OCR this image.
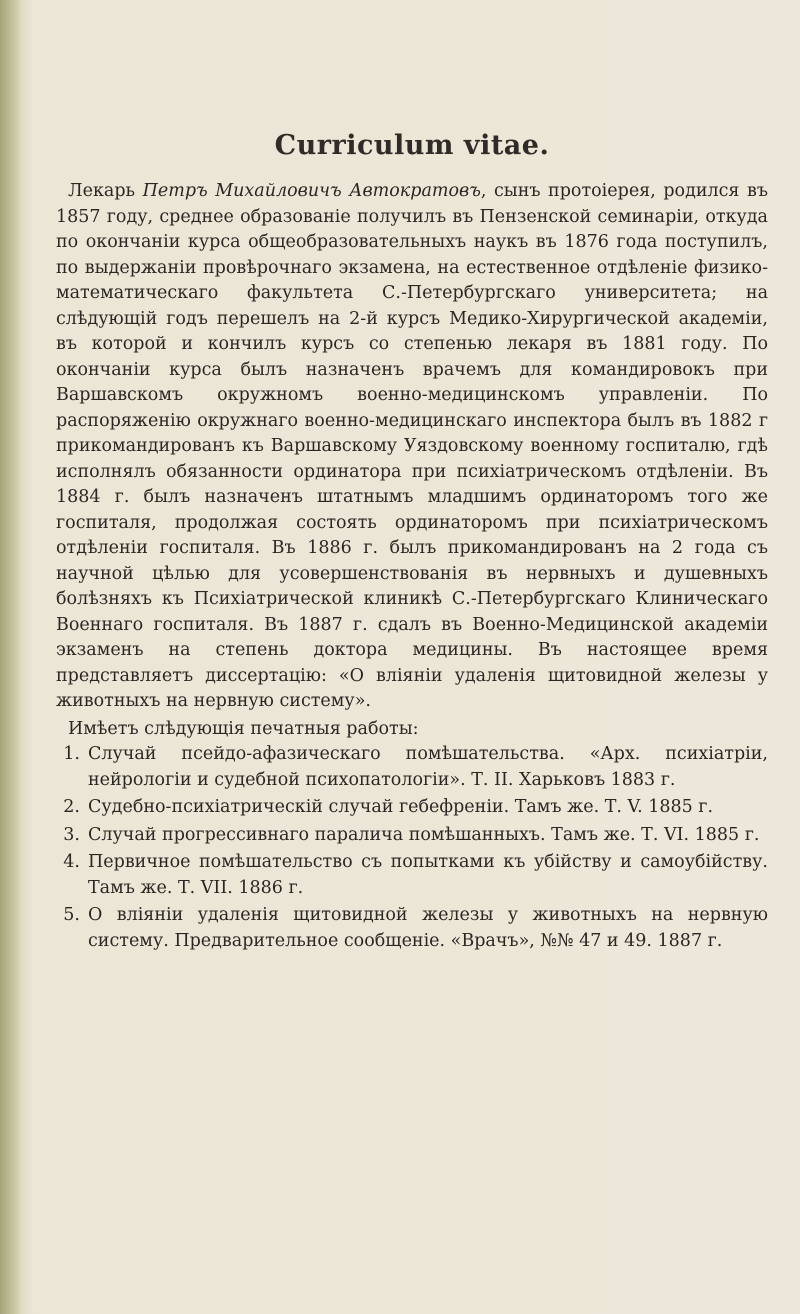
Curriculum vitae.

Лекарь Петръ Михайловичъ Автократовъ, сынъ протоіерея, родился въ 1857 году, среднее образованіе получилъ въ Пензенской семинаріи, откуда по окончаніи курса общеобразовательныхъ наукъ въ 1876 года поступилъ, по выдержаніи провѣрочнаго экзамена, на естественное отдѣленіе физико-математическаго факультета С.-Петербургскаго университета; на слѣдующій годъ перешелъ на 2-й курсъ Медико-Хирургической академіи, въ которой и кончилъ курсъ со степенью лекаря въ 1881 году. По окончаніи курса былъ назначенъ врачемъ для командировокъ при Варшавскомъ окружномъ военно-медицинскомъ управленіи. По распоряженію окружнаго военно-медицинскаго инспектора былъ въ 1882 г прикомандированъ къ Варшавскому Уяздовскому военному госпиталю, гдѣ исполнялъ обязанности ординатора при психіатрическомъ отдѣленіи. Въ 1884 г. былъ назначенъ штатнымъ младшимъ ординаторомъ того же госпиталя, продолжая состоять ординаторомъ при психіатрическомъ отдѣленіи госпиталя. Въ 1886 г. былъ прикомандированъ на 2 года съ научной цѣлью для усовершенствованія въ нервныхъ и душевныхъ болѣзняхъ къ Психіатрической клиникѣ С.-Петербургскаго Клиническаго Военнаго госпиталя. Въ 1887 г. сдалъ въ Военно-Медицинской академіи экзаменъ на степень доктора медицины. Въ настоящее время представляетъ диссертацію: «О вліяніи удаленія щитовидной железы у животныхъ на нервную систему».

Имѣетъ слѣдующія печатныя работы:

1. Случай псейдо-афазическаго помѣшательства. «Арх. психіатріи, нейрологіи и судебной психопатологіи». Т. II. Харьковъ 1883 г.
2. Судебно-психіатрическій случай гебефреніи. Тамъ же. Т. V. 1885 г.
3. Случай прогрессивнаго паралича помѣшанныхъ. Тамъ же. Т. VI. 1885 г.
4. Первичное помѣшательство съ попытками къ убійству и самоубійству. Тамъ же. Т. VII. 1886 г.
5. О вліяніи удаленія щитовидной железы у животныхъ на нервную систему. Предварительное сообщеніе. «Врачъ», №№ 47 и 49. 1887 г.
